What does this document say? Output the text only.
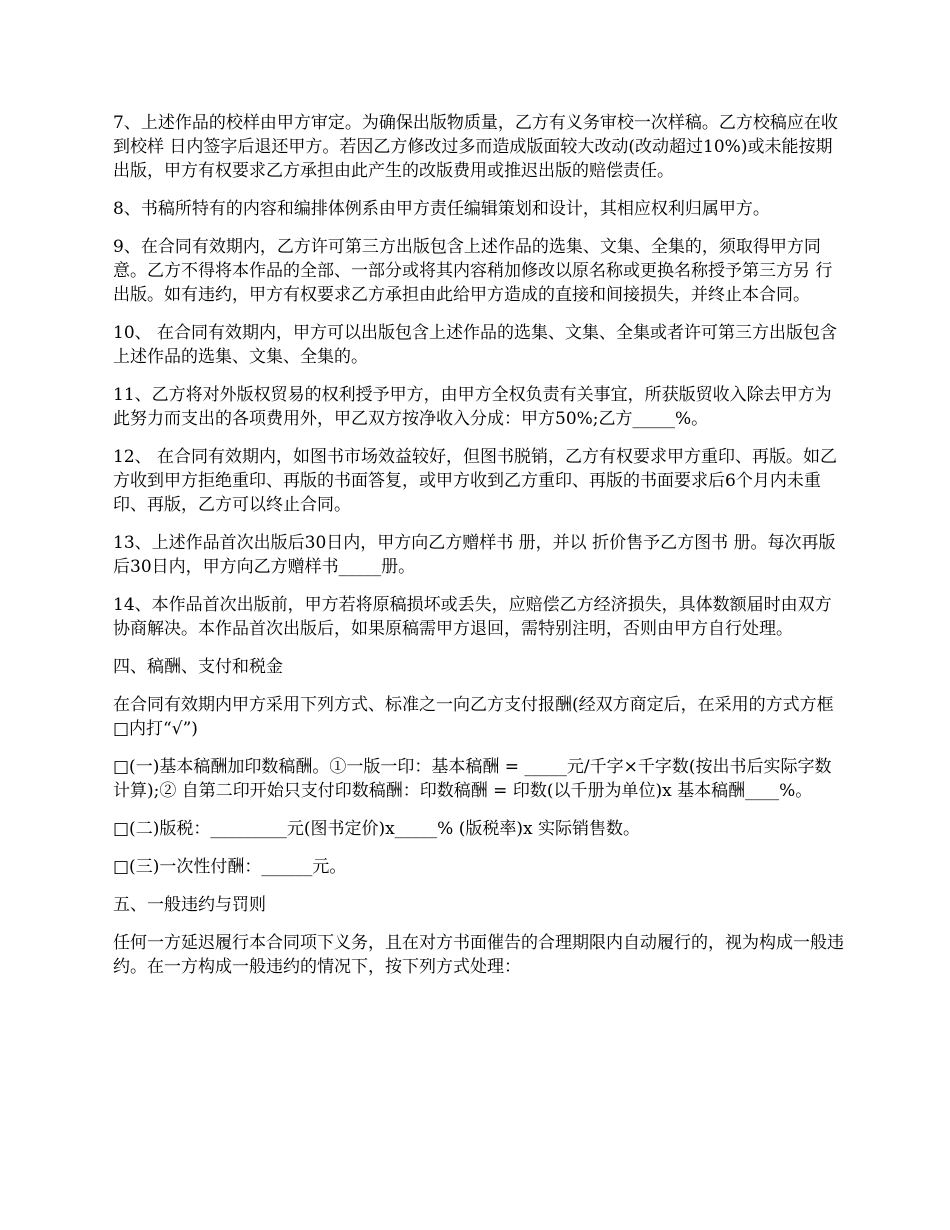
7、上述作品的校样由甲方审定。为确保出版物质量，乙方有义务审校一次样稿。乙方校稿应在收到校样 日内签字后退还甲方。若因乙方修改过多而造成版面较大改动(改动超过10%)或未能按期出版，甲方有权要求乙方承担由此产生的改版费用或推迟出版的赔偿责任。

8、书稿所特有的内容和编排体例系由甲方责任编辑策划和设计，其相应权利归属甲方。

9、在合同有效期内，乙方许可第三方出版包含上述作品的选集、文集、全集的，须取得甲方同意。乙方不得将本作品的全部、一部分或将其内容稍加修改以原名称或更换名称授予第三方另 行出版。如有违约，甲方有权要求乙方承担由此给甲方造成的直接和间接损失，并终止本合同。

10、 在合同有效期内，甲方可以出版包含上述作品的选集、文集、全集或者许可第三方出版包含上述作品的选集、文集、全集的。

11、乙方将对外版权贸易的权利授予甲方，由甲方全权负责有关事宜，所获版贸收入除去甲方为此努力而支出的各项费用外，甲乙双方按净收入分成：甲方50%;乙方_____%。

12、 在合同有效期内，如图书市场效益较好，但图书脱销，乙方有权要求甲方重印、再版。如乙方收到甲方拒绝重印、再版的书面答复，或甲方收到乙方重印、再版的书面要求后6个月内未重印、再版，乙方可以终止合同。

13、上述作品首次出版后30日内，甲方向乙方赠样书 册，并以 折价售予乙方图书 册。每次再版后30日内，甲方向乙方赠样书_____册。

14、本作品首次出版前，甲方若将原稿损坏或丢失，应赔偿乙方经济损失，具体数额届时由双方协商解决。本作品首次出版后，如果原稿需甲方退回，需特别注明，否则由甲方自行处理。

四、稿酬、支付和税金

在合同有效期内甲方采用下列方式、标准之一向乙方支付报酬(经双方商定后，在采用的方式方框□内打“√”)

□(一)基本稿酬加印数稿酬。①一版一印：基本稿酬 = _____元/千字×千字数(按出书后实际字数计算);② 自第二印开始只支付印数稿酬：印数稿酬 = 印数(以千册为单位)x 基本稿酬____%。

□(二)版税：_________元(图书定价)x_____% (版税率)x 实际销售数。

□(三)一次性付酬：______元。

五、一般违约与罚则

任何一方延迟履行本合同项下义务，且在对方书面催告的合理期限内自动履行的，视为构成一般违约。在一方构成一般违约的情况下，按下列方式处理：
